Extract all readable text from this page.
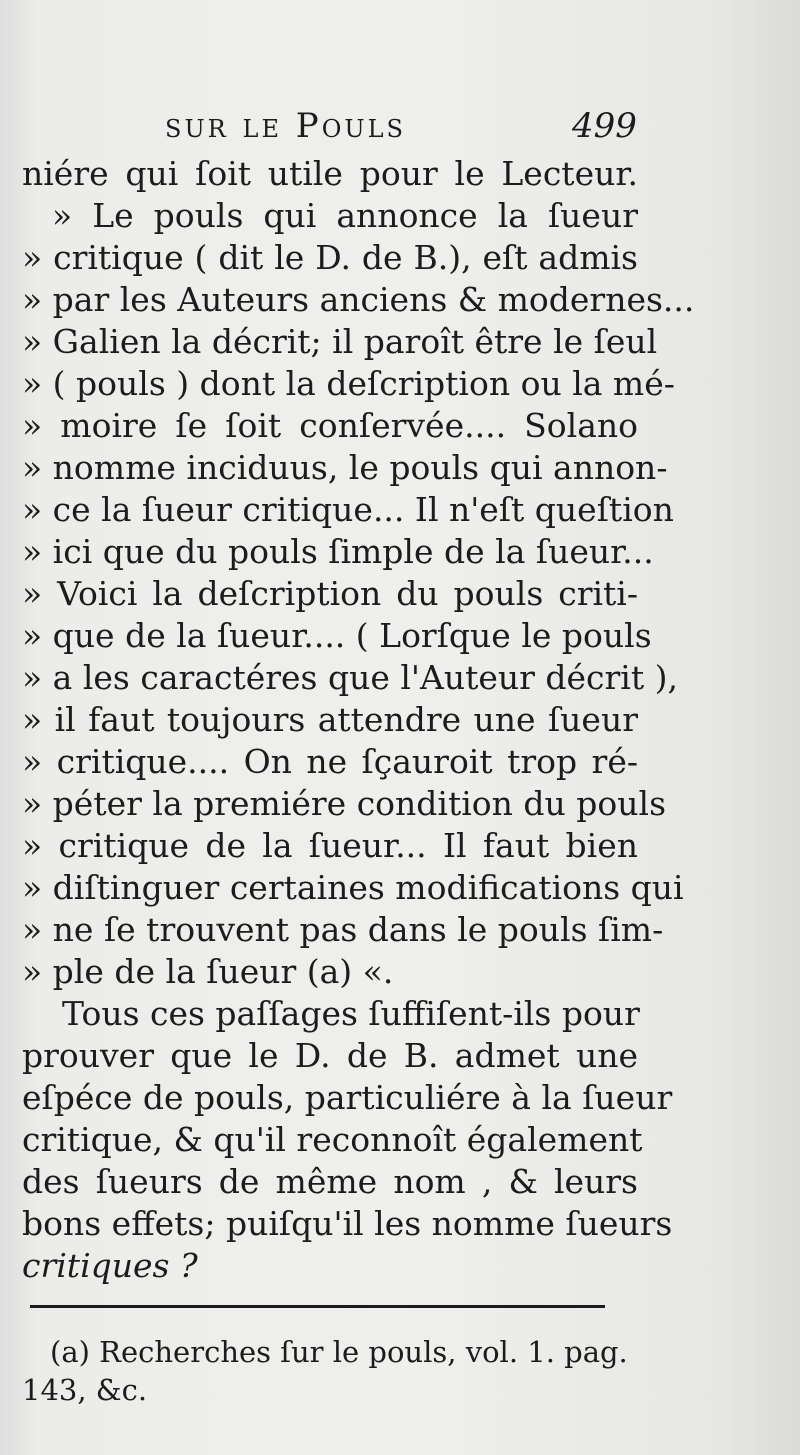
sur le Pouls	499
niére qui ſoit utile pour le Lecteur.
» Le pouls qui annonce la ſueur
» critique ( dit le D. de B.), eſt admis
» par les Auteurs anciens & modernes...
» Galien la décrit; il paroît être le ſeul
» ( pouls ) dont la deſcription ou la mé-
» moire ſe ſoit conſervée.... Solano
» nomme inciduus, le pouls qui annon-
» ce la ſueur critique... Il n'eſt queſtion
» ici que du pouls ſimple de la ſueur...
» Voici la deſcription du pouls criti-
» que de la ſueur.... ( Lorſque le pouls
» a les caractéres que l'Auteur décrit ),
» il faut toujours attendre une ſueur
» critique.... On ne ſçauroit trop ré-
» péter la premiére condition du pouls
» critique de la ſueur... Il faut bien
» diſtinguer certaines modifications qui
» ne ſe trouvent pas dans le pouls ſim-
» ple de la ſueur (a) «.
Tous ces paſſages ſuffiſent-ils pour
prouver que le D. de B. admet une
eſpéce de pouls, particuliére à la ſueur
critique, & qu'il reconnoît également
des ſueurs de même nom , & leurs
bons effets; puiſqu'il les nomme ſueurs
critiques ?
(a) Recherches ſur le pouls, vol. 1. pag.
143, &c.
